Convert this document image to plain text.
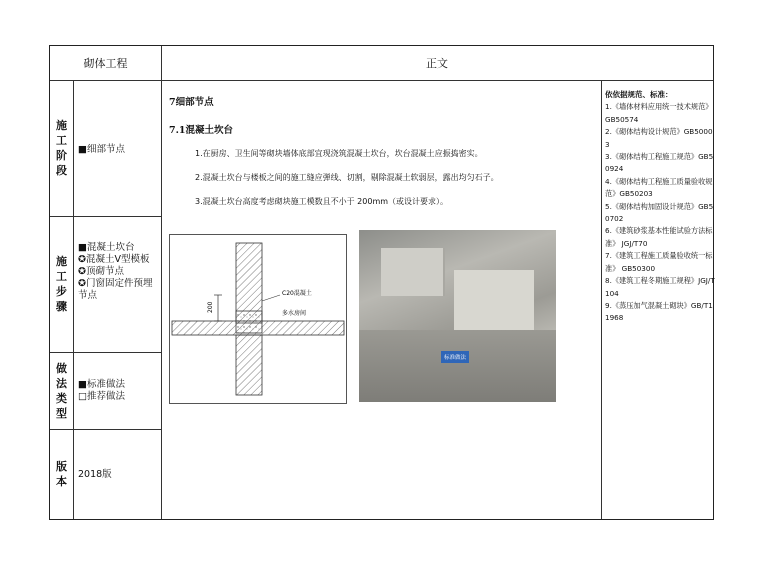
砌体工程	正文
施工阶段
■细部节点
施工步骤
■混凝土坎台
✪混凝土Ⅴ型模板
✪顶砌节点
✪门窗固定件预埋节点
做法类型
■标准做法
□推荐做法
版本
2018版
7细部节点
7.1混凝土坎台
1.在厨房、卫生间等砌块墙体底部宜现浇筑混凝土坎台，坎台混凝土应振捣密实。
2.混凝土坎台与楼板之间的施工缝应弹线、切割，剔除混凝土软弱层，露出均匀石子。
3.混凝土坎台高度考虑砌块施工模数且不小于 200mm（或设计要求）。
200
C20混凝土
多水房间
标准做法
依依据规范、标准：
1.《墙体材料应用统一技术规范》GB50574
2.《砌体结构设计规范》GB50003
3.《砌体结构工程施工规范》GB50924
4.《砌体结构工程施工质量验收规范》GB50203
5.《砌体结构加固设计规范》GB50702
6.《建筑砂浆基本性能试验方法标准》 JGJ/T70
7.《建筑工程施工质量验收统一标准》 GB50300
8.《建筑工程冬期施工规程》JGJ/T 104
9.《蒸压加气混凝土砌块》GB/T11968
